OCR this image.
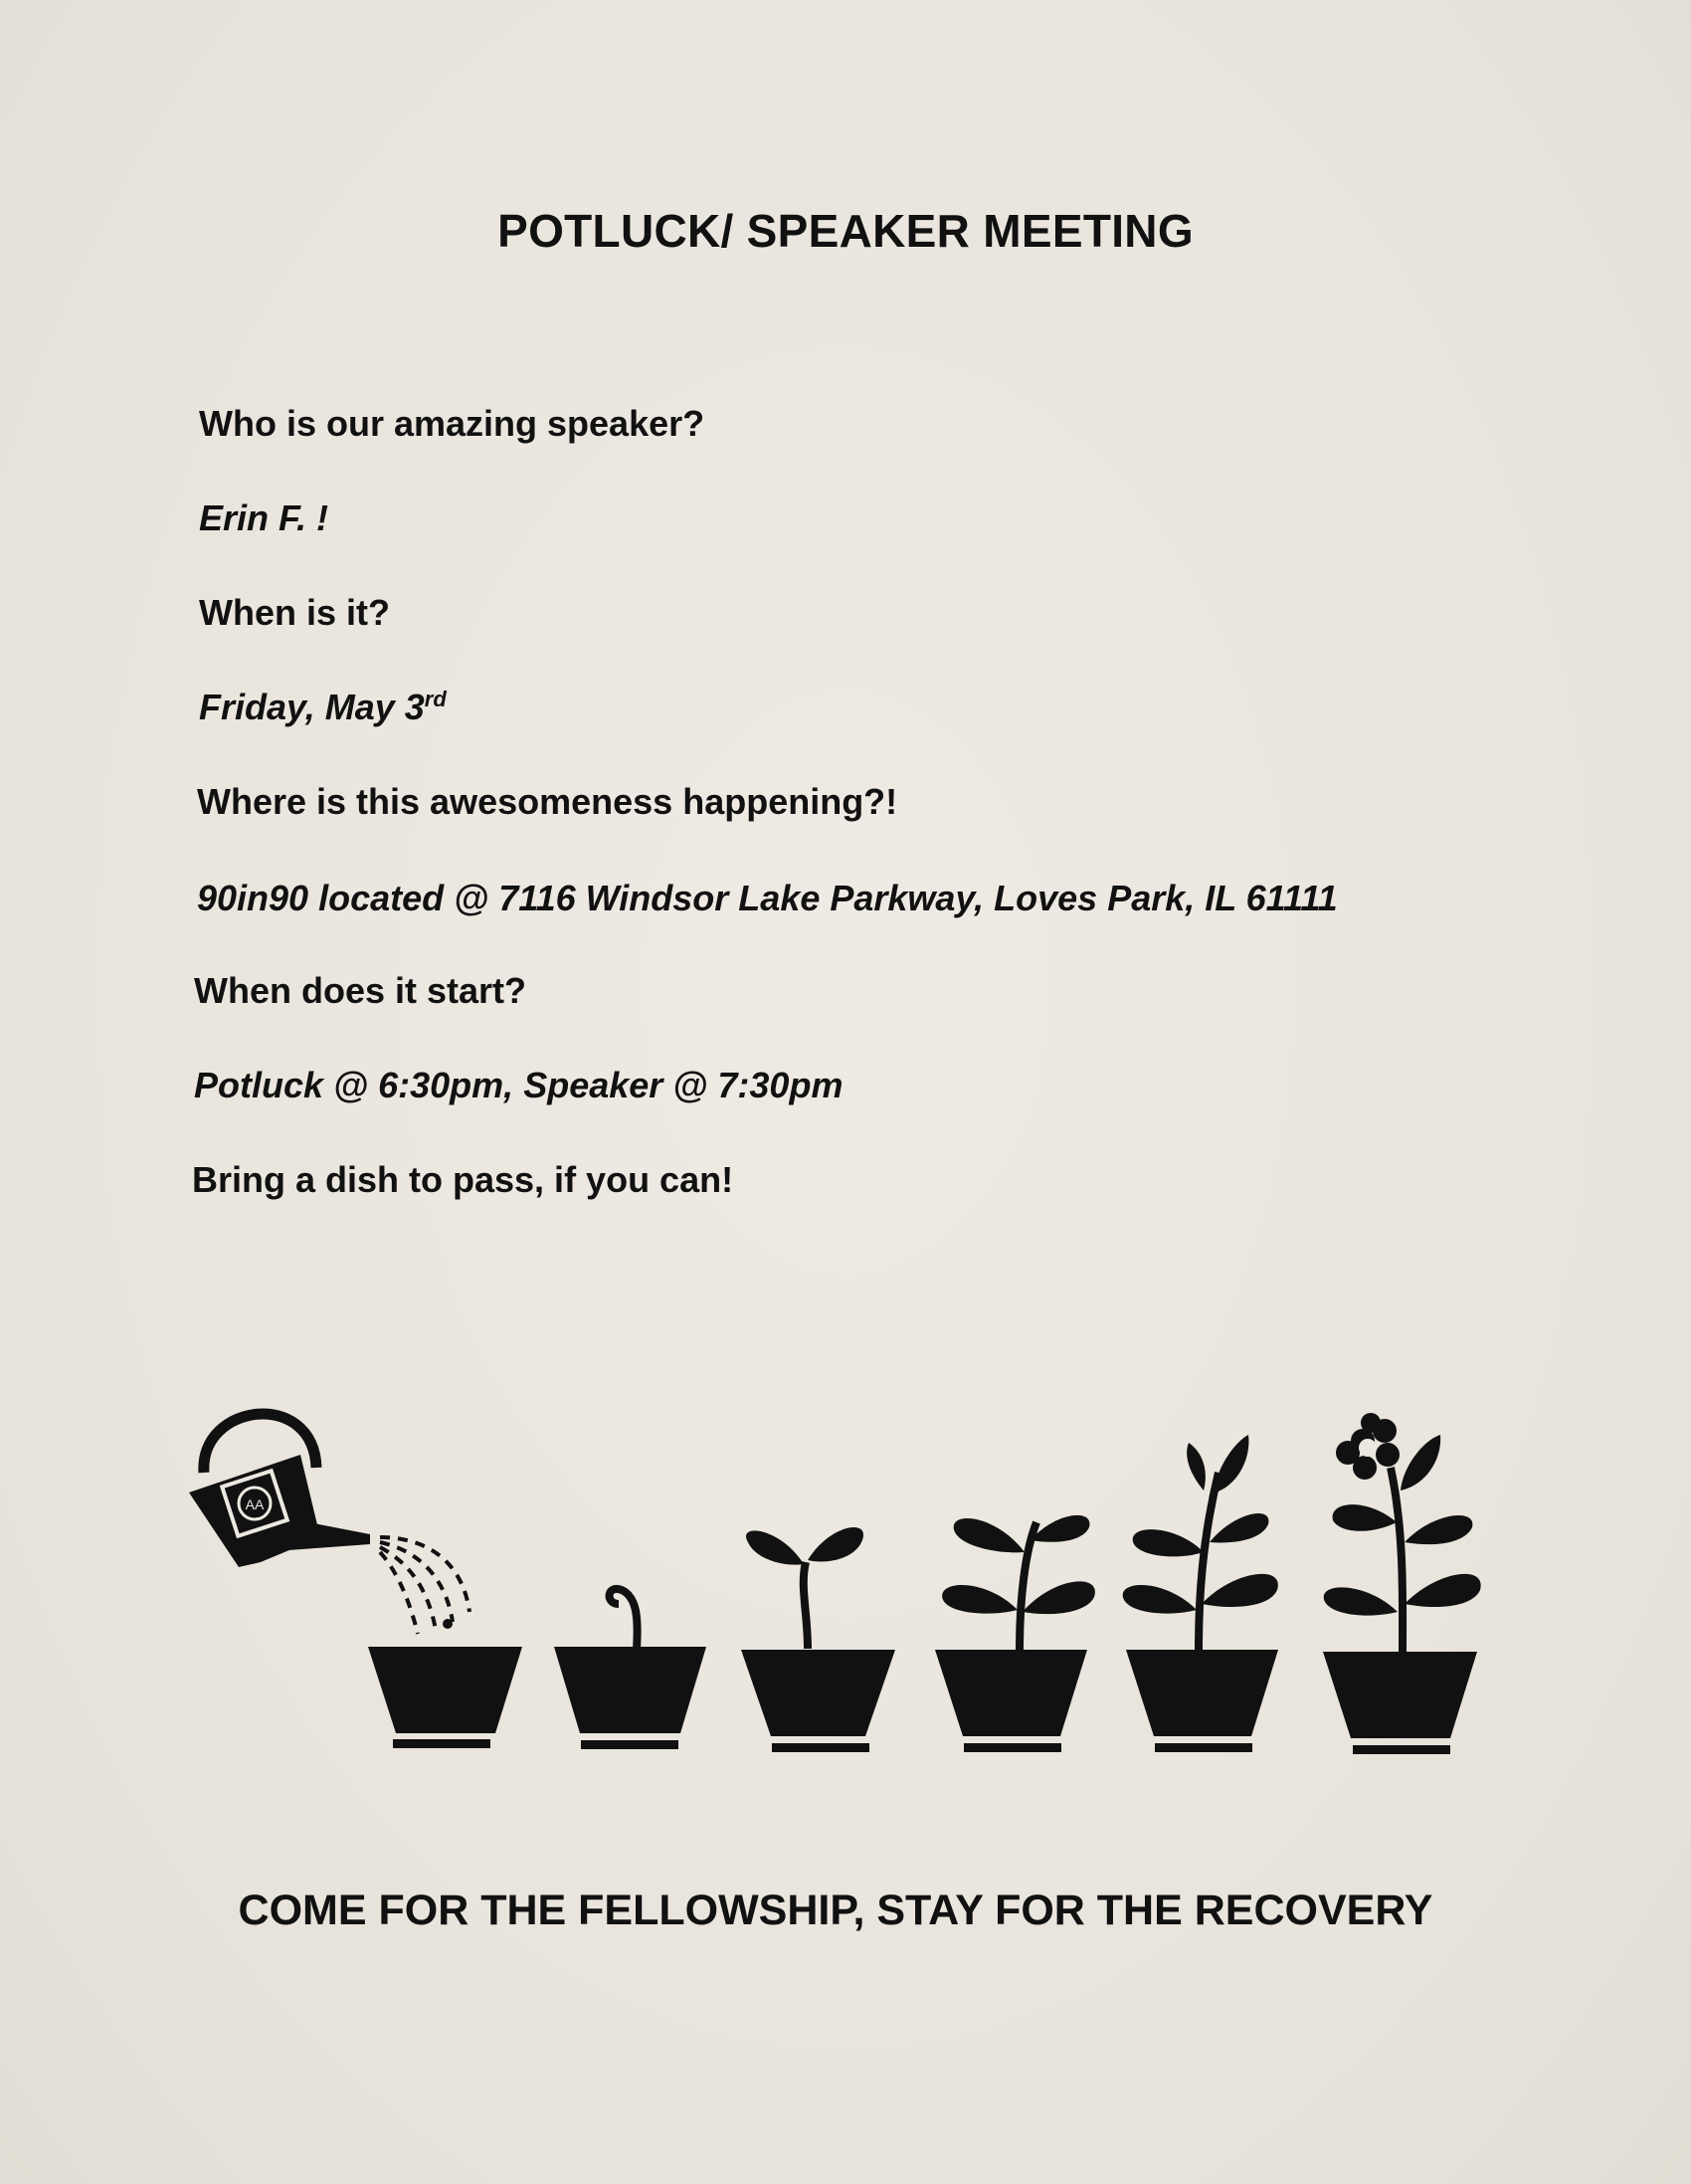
POTLUCK/ SPEAKER MEETING
Who is our amazing speaker?
Erin F. !
When is it?
Friday, May 3rd
Where is this awesomeness happening?!
90in90 located @ 7116 Windsor Lake Parkway, Loves Park, IL 61111
When does it start?
Potluck @ 6:30pm, Speaker @ 7:30pm
Bring a dish to pass, if you can!
AA
COME FOR THE FELLOWSHIP, STAY FOR THE RECOVERY
